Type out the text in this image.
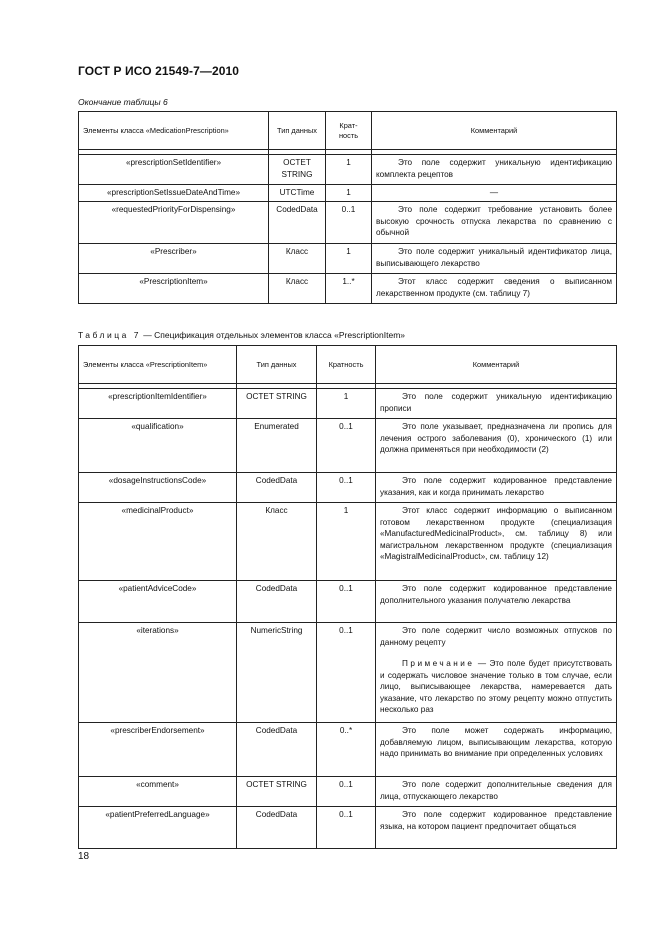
ГОСТ Р ИСО 21549-7—2010
Окончание таблицы 6
Элементы класса «MedicationPrescription»	Тип данных	Крат-ность	Комментарий

«prescriptionSetIdentifier»	OCTET STRING	1	Это поле содержит уникальную идентификацию комплекта рецептов

«prescriptionSetIssueDateAndTime»	UTCTime	1	—
«requestedPriorityForDispensing»	CodedData	0..1	Это поле содержит требование установить более высокую срочность отпуска лекарства по сравнению с обычной

«Prescriber»	Класс	1	Это поле содержит уникальный идентификатор лица, выписывающего лекарство

«PrescriptionItem»	Класс	1..*	Этот класс содержит сведения о выписанном лекарственном продукте (см. таблицу 7)
Таблица 7 — Спецификация отдельных элементов класса «PrescriptionItem»
Элементы класса «PrescriptionItem»	Тип данных	Кратность	Комментарий

«prescriptionItemIdentifier»	OCTET STRING	1	Это поле содержит уникальную идентификацию прописи

«qualification»	Enumerated	0..1	Это поле указывает, предназначена ли пропись для лечения острого заболевания (0), хронического (1) или должна применяться при необходимости (2)

«dosageInstructionsCode»	CodedData	0..1	Это поле содержит кодированное представление указания, как и когда принимать лекарство

«medicinalProduct»	Класс	1	Этот класс содержит информацию о выписанном готовом лекарственном продукте (специализация «ManufacturedMedicinalProduct», см. таблицу 8) или магистральном лекарственном продукте (специализация «MagistralMedicinalProduct», см. таблицу 12)

«patientAdviceCode»	CodedData	0..1	Это поле содержит кодированное представление дополнительного указания получателю лекарства

«iterations»	NumericString	0..1	Это поле содержит число возможных отпусков по данному рецепту
Примечание — Это поле будет присутствовать и содержать числовое значение только в том случае, если лицо, выписывающее лекарства, намеревается дать указание, что лекарство по этому рецепту можно отпустить несколько раз

«prescriberEndorsement»	CodedData	0..*	Это поле может содержать информацию, добавляемую лицом, выписывающим лекарства, которую надо принимать во внимание при определенных условиях

«comment»	OCTET STRING	0..1	Это поле содержит дополнительные сведения для лица, отпускающего лекарство

«patientPreferredLanguage»	CodedData	0..1	Это поле содержит кодированное представление языка, на котором пациент предпочитает общаться
18
